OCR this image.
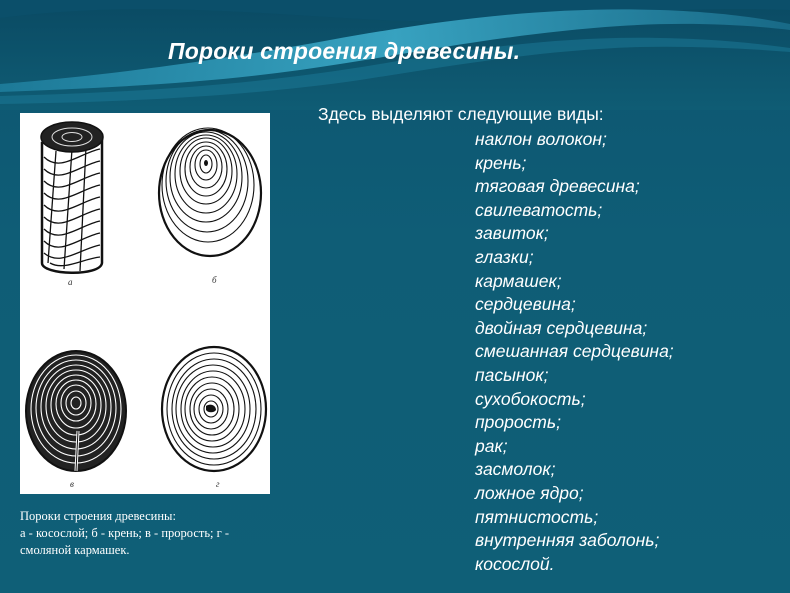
Пороки строения древесины.
Здесь выделяют следующие виды:
наклон волокон;
крень;
тяговая древесина;
свилеватость;
завиток;
глазки;
кармашек;
сердцевина;
двойная сердцевина;
смешанная сердцевина;
пасынок;
сухобокость;
прорость;
рак;
засмолок;
ложное ядро;
пятнистость;
внутренняя заболонь;
косослой.
а	б
в	г
Пороки строения древесины:
а - косослой; б - крень; в - прорость; г -
смоляной кармашек.
